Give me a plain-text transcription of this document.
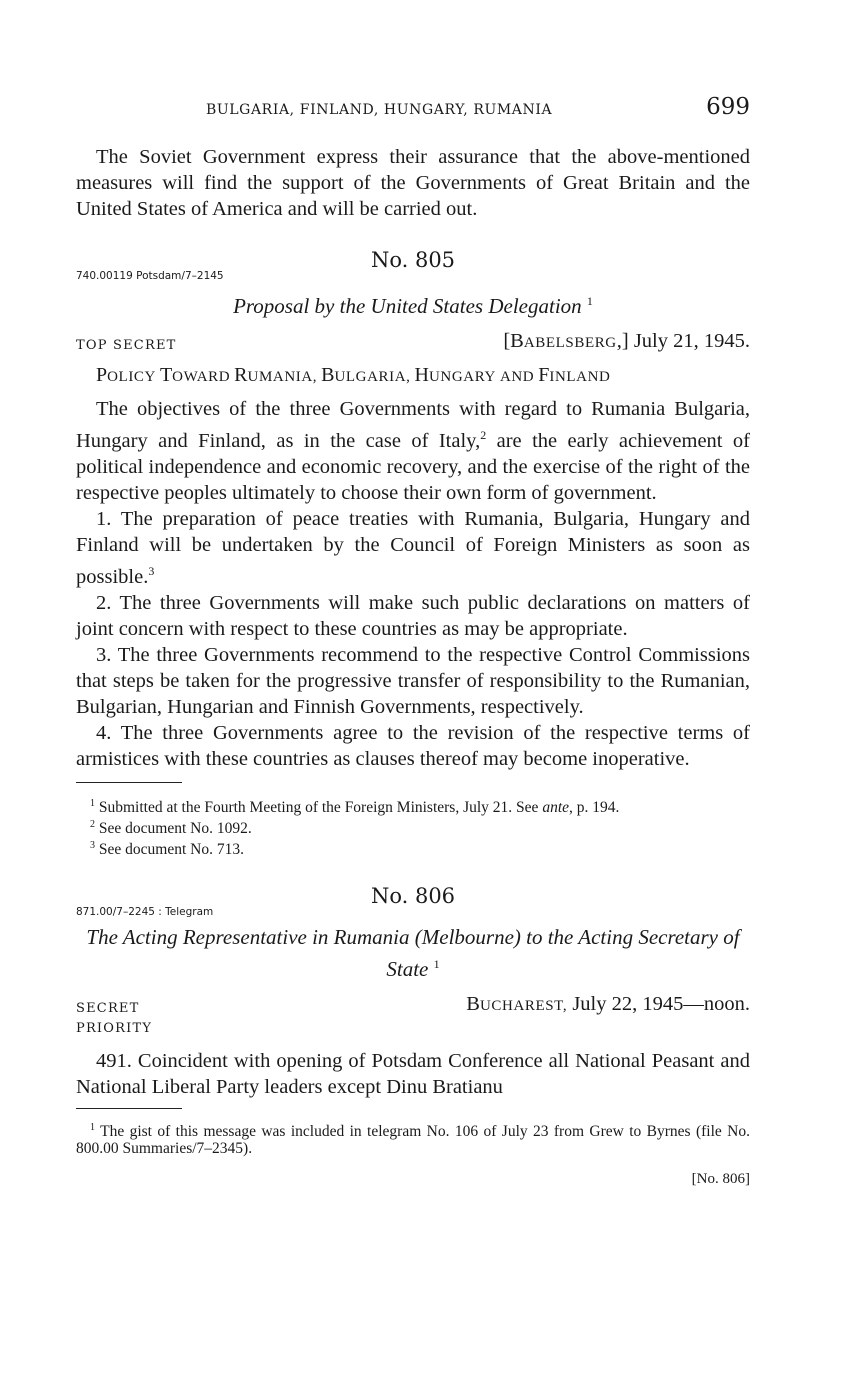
BULGARIA, FINLAND, HUNGARY, RUMANIA	699

The Soviet Government express their assurance that the above-mentioned measures will find the support of the Governments of Great Britain and the United States of America and will be carried out.

No. 805
740.00119 Potsdam/7–2145
Proposal by the United States Delegation $^1$
TOP SECRET	[BABELSBERG,] July 21, 1945.
POLICY TOWARD RUMANIA, BULGARIA, HUNGARY AND FINLAND

The objectives of the three Governments with regard to Rumania Bulgaria, Hungary and Finland, as in the case of Italy,$^2$ are the early achievement of political independence and economic recovery, and the exercise of the right of the respective peoples ultimately to choose their own form of government.

1. The preparation of peace treaties with Rumania, Bulgaria, Hungary and Finland will be undertaken by the Council of Foreign Ministers as soon as possible.$^3$

2. The three Governments will make such public declarations on matters of joint concern with respect to these countries as may be appropriate.

3. The three Governments recommend to the respective Control Commissions that steps be taken for the progressive transfer of responsibility to the Rumanian, Bulgarian, Hungarian and Finnish Governments, respectively.

4. The three Governments agree to the revision of the respective terms of armistices with these countries as clauses thereof may become inoperative.

$^1$ Submitted at the Fourth Meeting of the Foreign Ministers, July 21. See ante, p. 194.

$^2$ See document No. 1092.

$^3$ See document No. 713.

No. 806
871.00/7–2245 : Telegram
The Acting Representative in Rumania (Melbourne) to the Acting Secretary of State $^1$
SECRET	BUCHAREST, July 22, 1945—noon.
PRIORITY

491. Coincident with opening of Potsdam Conference all National Peasant and National Liberal Party leaders except Dinu Bratianu

$^1$ The gist of this message was included in telegram No. 106 of July 23 from Grew to Byrnes (file No. 800.00 Summaries/7–2345).

[No. 806]
